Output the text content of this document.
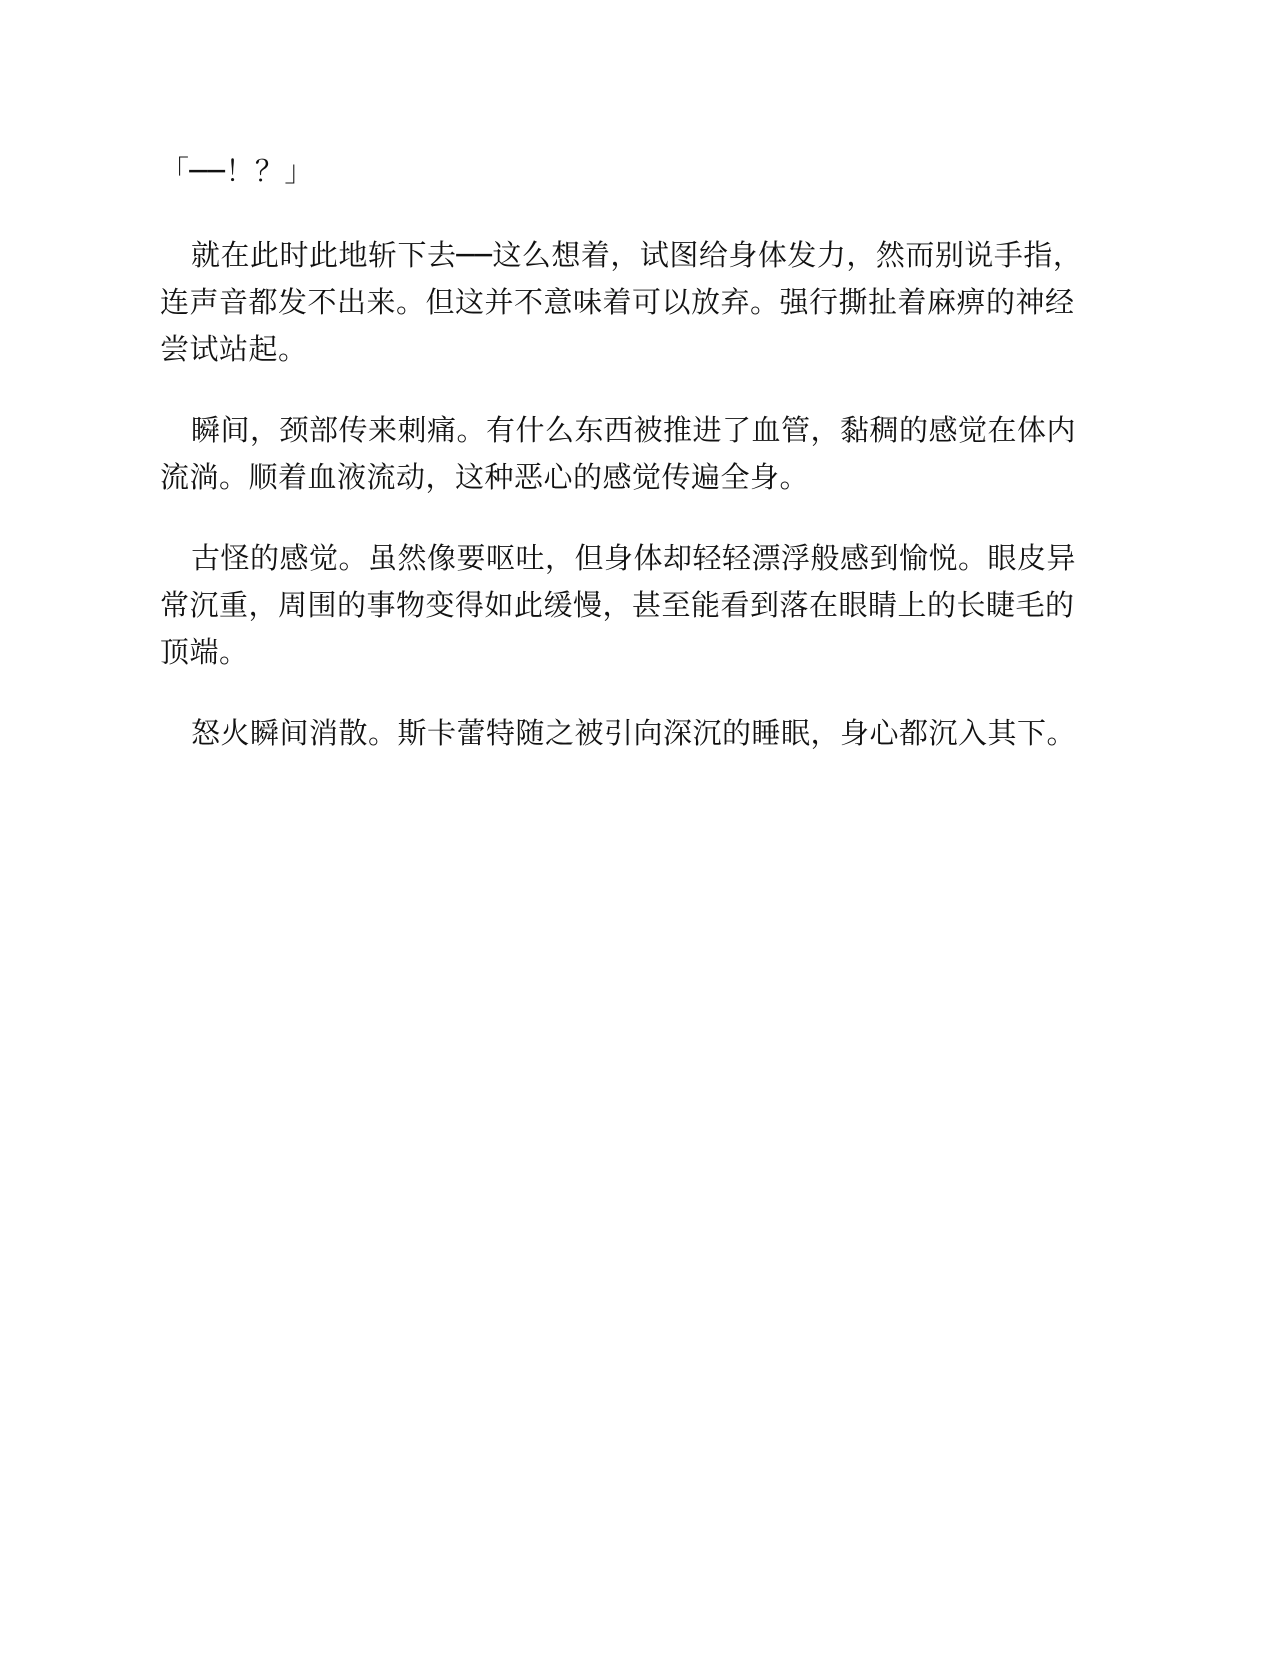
「──！？」

就在此时此地斩下去──这么想着，试图给身体发力，然而别说手指，连声音都发不出来。但这并不意味着可以放弃。强行撕扯着麻痹的神经尝试站起。

瞬间，颈部传来刺痛。有什么东西被推进了血管，黏稠的感觉在体内流淌。顺着血液流动，这种恶心的感觉传遍全身。

古怪的感觉。虽然像要呕吐，但身体却轻轻漂浮般感到愉悦。眼皮异常沉重，周围的事物变得如此缓慢，甚至能看到落在眼睛上的长睫毛的顶端。

怒火瞬间消散。斯卡蕾特随之被引向深沉的睡眠，身心都沉入其下。
